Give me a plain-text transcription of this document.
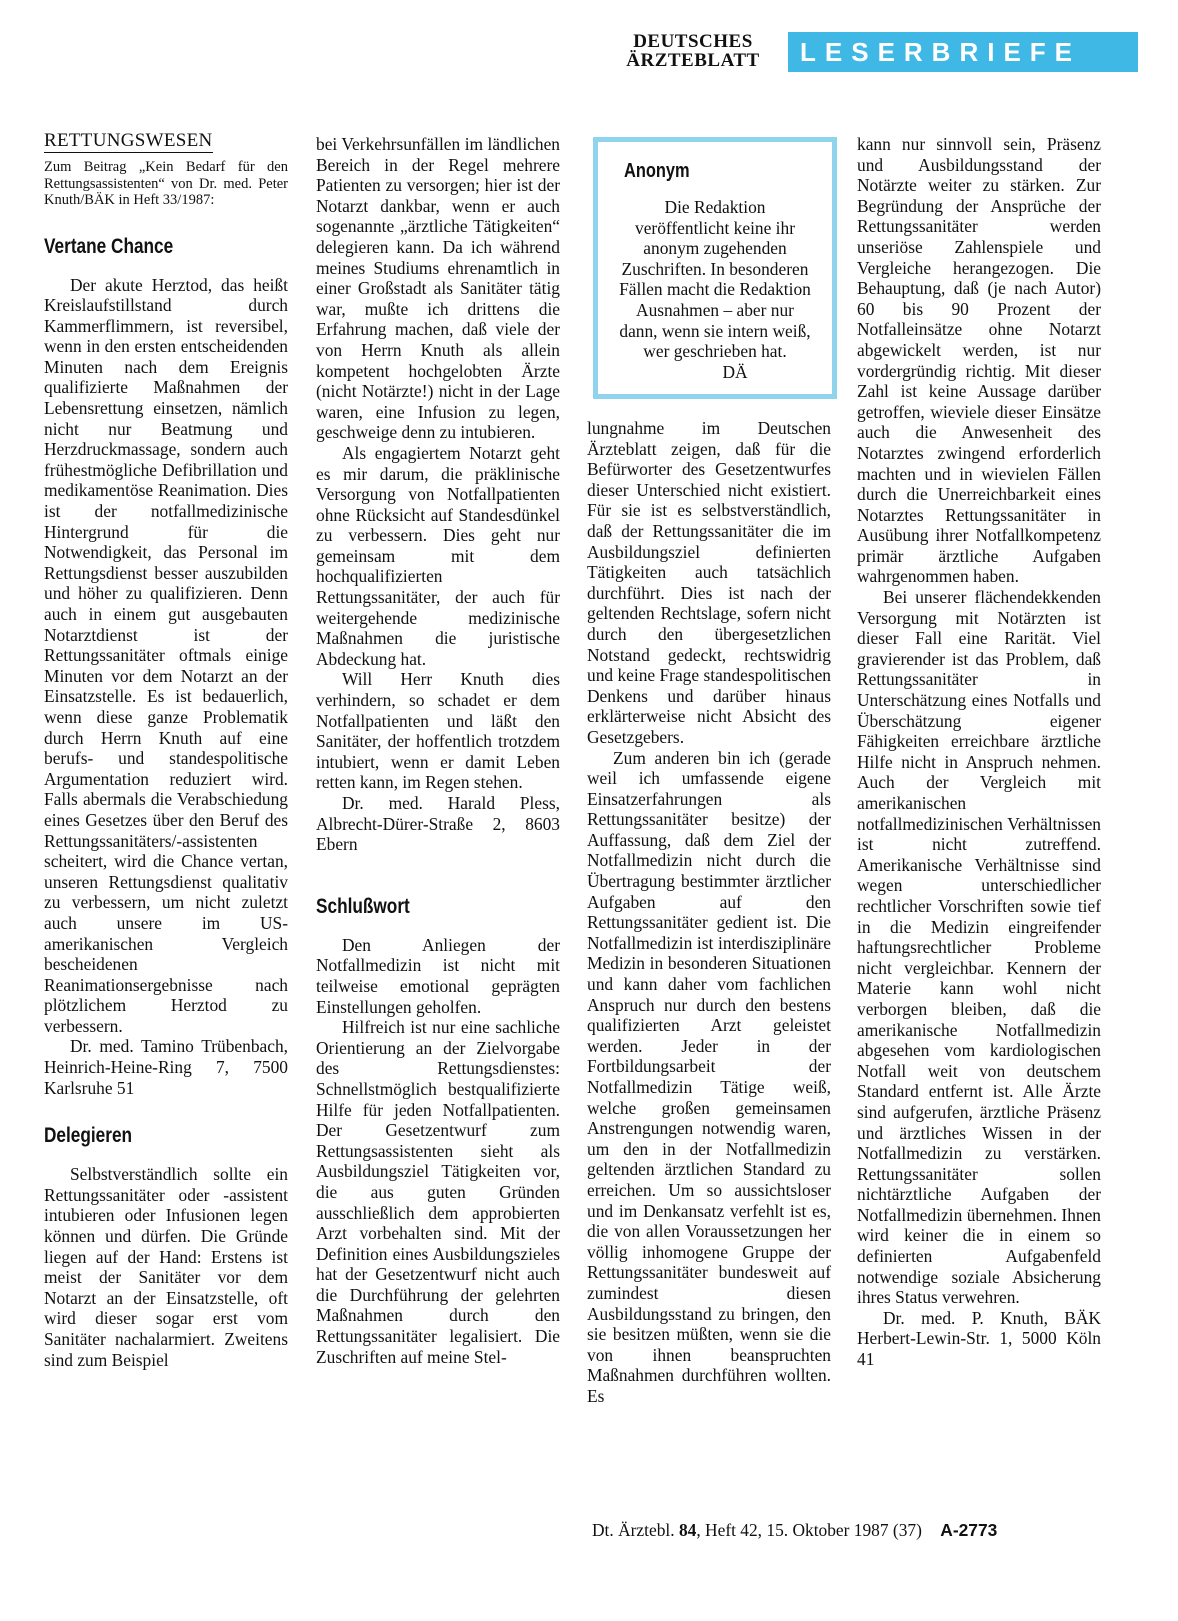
DEUTSCHES
ÄRZTEBLATT	LESERBRIEFE
RETTUNGSWESEN

Zum Beitrag „Kein Bedarf für den Rettungsassistenten“ von Dr. med. Peter Knuth/BÄK in Heft 33/1987:

Vertane Chance

Der akute Herztod, das heißt Kreislaufstillstand durch Kammerflimmern, ist reversibel, wenn in den ersten entscheidenden Minuten nach dem Ereignis qualifizierte Maßnahmen der Lebensrettung einsetzen, nämlich nicht nur Beatmung und Herzdruckmassage, sondern auch frühestmögliche Defibrillation und medikamentöse Reanimation. Dies ist der notfallmedizinische Hintergrund für die Notwendigkeit, das Personal im Rettungsdienst besser auszubilden und höher zu qualifizieren. Denn auch in einem gut ausgebauten Notarztdienst ist der Rettungssanitäter oftmals einige Minuten vor dem Notarzt an der Einsatzstelle. Es ist bedauerlich, wenn diese ganze Problematik durch Herrn Knuth auf eine berufs- und standespolitische Argumentation reduziert wird. Falls abermals die Verabschiedung eines Gesetzes über den Beruf des Rettungssanitäters/-assistenten scheitert, wird die Chance vertan, unseren Rettungsdienst qualitativ zu verbessern, um nicht zuletzt auch unsere im US-amerikanischen Vergleich bescheidenen Reanimationsergebnisse nach plötzlichem Herztod zu verbessern.

Dr. med. Tamino Trübenbach, Heinrich-Heine-Ring 7, 7500 Karlsruhe 51

Delegieren

Selbstverständlich sollte ein Rettungssanitäter oder -assistent intubieren oder Infusionen legen können und dürfen. Die Gründe liegen auf der Hand: Erstens ist meist der Sanitäter vor dem Notarzt an der Einsatzstelle, oft wird dieser sogar erst vom Sanitäter nachalarmiert. Zweitens sind zum Beispiel

bei Verkehrsunfällen im ländlichen Bereich in der Regel mehrere Patienten zu versorgen; hier ist der Notarzt dankbar, wenn er auch sogenannte „ärztliche Tätigkeiten“ delegieren kann. Da ich während meines Studiums ehrenamtlich in einer Großstadt als Sanitäter tätig war, mußte ich drittens die Erfahrung machen, daß viele der von Herrn Knuth als allein kompetent hochgelobten Ärzte (nicht Notärzte!) nicht in der Lage waren, eine Infusion zu legen, geschweige denn zu intubieren.

Als engagiertem Notarzt geht es mir darum, die präklinische Versorgung von Notfallpatienten ohne Rücksicht auf Standesdünkel zu verbessern. Dies geht nur gemeinsam mit dem hochqualifizierten Rettungssanitäter, der auch für weitergehende medizinische Maßnahmen die juristische Abdeckung hat.

Will Herr Knuth dies verhindern, so schadet er dem Notfallpatienten und läßt den Sanitäter, der hoffentlich trotzdem intubiert, wenn er damit Leben retten kann, im Regen stehen.

Dr. med. Harald Pless, Albrecht-Dürer-Straße 2, 8603 Ebern

Schlußwort

Den Anliegen der Notfallmedizin ist nicht mit teilweise emotional geprägten Einstellungen geholfen.

Hilfreich ist nur eine sachliche Orientierung an der Zielvorgabe des Rettungsdienstes: Schnellstmöglich bestqualifizierte Hilfe für jeden Notfallpatienten. Der Gesetzentwurf zum Rettungsassistenten sieht als Ausbildungsziel Tätigkeiten vor, die aus guten Gründen ausschließlich dem approbierten Arzt vorbehalten sind. Mit der Definition eines Ausbildungszieles hat der Gesetzentwurf nicht auch die Durchführung der gelehrten Maßnahmen durch den Rettungssanitäter legalisiert. Die Zuschriften auf meine Stel-

Anonym
Die Redaktion veröffentlicht keine ihr anonym zugehenden Zuschriften. In besonderen Fällen macht die Redaktion Ausnahmen – aber nur dann, wenn sie intern weiß, wer geschrieben hat. DÄ

lungnahme im Deutschen Ärzteblatt zeigen, daß für die Befürworter des Gesetzentwurfes dieser Unterschied nicht existiert. Für sie ist es selbstverständlich, daß der Rettungssanitäter die im Ausbildungsziel definierten Tätigkeiten auch tatsächlich durchführt. Dies ist nach der geltenden Rechtslage, sofern nicht durch den übergesetzlichen Notstand gedeckt, rechtswidrig und keine Frage standespolitischen Denkens und darüber hinaus erklärterweise nicht Absicht des Gesetzgebers.

Zum anderen bin ich (gerade weil ich umfassende eigene Einsatzerfahrungen als Rettungssanitäter besitze) der Auffassung, daß dem Ziel der Notfallmedizin nicht durch die Übertragung bestimmter ärztlicher Aufgaben auf den Rettungssanitäter gedient ist. Die Notfallmedizin ist interdisziplinäre Medizin in besonderen Situationen und kann daher vom fachlichen Anspruch nur durch den bestens qualifizierten Arzt geleistet werden. Jeder in der Fortbildungsarbeit der Notfallmedizin Tätige weiß, welche großen gemeinsamen Anstrengungen notwendig waren, um den in der Notfallmedizin geltenden ärztlichen Standard zu erreichen. Um so aussichtsloser und im Denkansatz verfehlt ist es, die von allen Voraussetzungen her völlig inhomogene Gruppe der Rettungssanitäter bundesweit auf zumindest diesen Ausbildungsstand zu bringen, den sie besitzen müßten, wenn sie die von ihnen beanspruchten Maßnahmen durchführen wollten. Es

kann nur sinnvoll sein, Präsenz und Ausbildungsstand der Notärzte weiter zu stärken. Zur Begründung der Ansprüche der Rettungssanitäter werden unseriöse Zahlenspiele und Vergleiche herangezogen. Die Behauptung, daß (je nach Autor) 60 bis 90 Prozent der Notfalleinsätze ohne Notarzt abgewickelt werden, ist nur vordergründig richtig. Mit dieser Zahl ist keine Aussage darüber getroffen, wieviele dieser Einsätze auch die Anwesenheit des Notarztes zwingend erforderlich machten und in wievielen Fällen durch die Unerreichbarkeit eines Notarztes Rettungssanitäter in Ausübung ihrer Notfallkompetenz primär ärztliche Aufgaben wahrgenommen haben.

Bei unserer flächendekkenden Versorgung mit Notärzten ist dieser Fall eine Rarität. Viel gravierender ist das Problem, daß Rettungssanitäter in Unterschätzung eines Notfalls und Überschätzung eigener Fähigkeiten erreichbare ärztliche Hilfe nicht in Anspruch nehmen. Auch der Vergleich mit amerikanischen notfallmedizinischen Verhältnissen ist nicht zutreffend. Amerikanische Verhältnisse sind wegen unterschiedlicher rechtlicher Vorschriften sowie tief in die Medizin eingreifender haftungsrechtlicher Probleme nicht vergleichbar. Kennern der Materie kann wohl nicht verborgen bleiben, daß die amerikanische Notfallmedizin abgesehen vom kardiologischen Notfall weit von deutschem Standard entfernt ist. Alle Ärzte sind aufgerufen, ärztliche Präsenz und ärztliches Wissen in der Notfallmedizin zu verstärken. Rettungssanitäter sollen nichtärztliche Aufgaben der Notfallmedizin übernehmen. Ihnen wird keiner die in einem so definierten Aufgabenfeld notwendige soziale Absicherung ihres Status verwehren.

Dr. med. P. Knuth, BÄK Herbert-Lewin-Str. 1, 5000 Köln 41

Dt. Ärztebl. 84, Heft 42, 15. Oktober 1987 (37) A-2773
